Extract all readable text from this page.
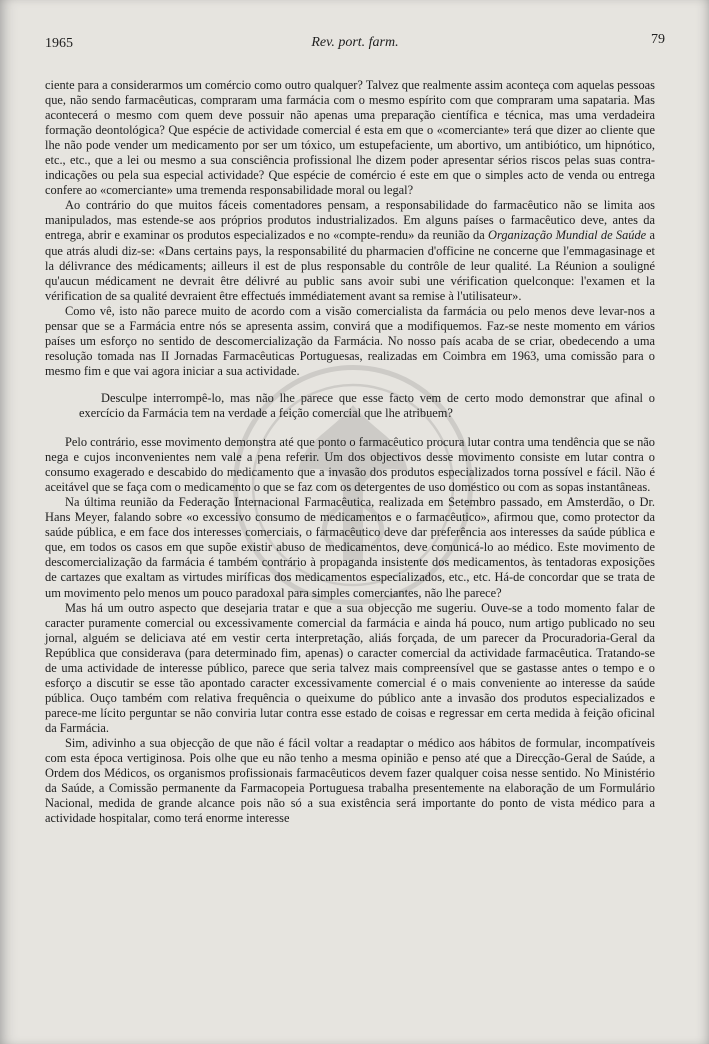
1965	Rev. port. farm.	79

ciente para a considerarmos um comércio como outro qualquer? Talvez que realmente assim aconteça com aquelas pessoas que, não sendo farmacêuticas, compraram uma farmácia com o mesmo espírito com que compraram uma sapataria. Mas acontecerá o mesmo com quem deve possuir não apenas uma preparação científica e técnica, mas uma verdadeira formação deontológica? Que espécie de actividade comercial é esta em que o «comerciante» terá que dizer ao cliente que lhe não pode vender um medicamento por ser um tóxico, um estupefaciente, um abortivo, um antibiótico, um hipnótico, etc., etc., que a lei ou mesmo a sua consciência profissional lhe dizem poder apresentar sérios riscos pelas suas contra-indicações ou pela sua especial actividade? Que espécie de comércio é este em que o simples acto de venda ou entrega confere ao «comerciante» uma tremenda responsabilidade moral ou legal?

Ao contrário do que muitos fáceis comentadores pensam, a responsabilidade do farmacêutico não se limita aos manipulados, mas estende-se aos próprios produtos industrializados. Em alguns países o farmacêutico deve, antes da entrega, abrir e examinar os produtos especializados e no «compte-rendu» da reunião da Organização Mundial de Saúde a que atrás aludi diz-se: «Dans certains pays, la responsabilité du pharmacien d'officine ne concerne que l'emmagasinage et la délivrance des médicaments; ailleurs il est de plus responsable du contrôle de leur qualité. La Réunion a souligné qu'aucun médicament ne devrait être délivré au public sans avoir subi une vérification quelconque: l'examen et la vérification de sa qualité devraient être effectués immédiatement avant sa remise à l'utilisateur».

Como vê, isto não parece muito de acordo com a visão comercialista da farmácia ou pelo menos deve levar-nos a pensar que se a Farmácia entre nós se apresenta assim, convirá que a modifiquemos. Faz-se neste momento em vários países um esforço no sentido de descomercialização da Farmácia. No nosso país acaba de se criar, obedecendo a uma resolução tomada nas II Jornadas Farmacêuticas Portuguesas, realizadas em Coimbra em 1963, uma comissão para o mesmo fim e que vai agora iniciar a sua actividade.

Desculpe interrompê-lo, mas não lhe parece que esse facto vem de certo modo demonstrar que afinal o exercício da Farmácia tem na verdade a feição comercial que lhe atribuem?

Pelo contrário, esse movimento demonstra até que ponto o farmacêutico procura lutar contra uma tendência que se não nega e cujos inconvenientes nem vale a pena referir. Um dos objectivos desse movimento consiste em lutar contra o consumo exagerado e descabido do medicamento que a invasão dos produtos especializados torna possível e fácil. Não é aceitável que se faça com o medicamento o que se faz com os detergentes de uso doméstico ou com as sopas instantâneas.

Na última reunião da Federação Internacional Farmacêutica, realizada em Setembro passado, em Amsterdão, o Dr. Hans Meyer, falando sobre «o excessivo consumo de medicamentos e o farmacêutico», afirmou que, como protector da saúde pública, e em face dos interesses comerciais, o farmacêutico deve dar preferência aos interesses da saúde pública e que, em todos os casos em que supõe existir abuso de medicamentos, deve comunicá-lo ao médico. Este movimento de descomercialização da farmácia é também contrário à propaganda insistente dos medicamentos, às tentadoras exposições de cartazes que exaltam as virtudes miríficas dos medicamentos especializados, etc., etc. Há-de concordar que se trata de um movimento pelo menos um pouco paradoxal para simples comerciantes, não lhe parece?

Mas há um outro aspecto que desejaria tratar e que a sua objecção me sugeriu. Ouve-se a todo momento falar de caracter puramente comercial ou excessivamente comercial da farmácia e ainda há pouco, num artigo publicado no seu jornal, alguém se deliciava até em vestir certa interpretação, aliás forçada, de um parecer da Procuradoria-Geral da República que considerava (para determinado fim, apenas) o caracter comercial da actividade farmacêutica. Tratando-se de uma actividade de interesse público, parece que seria talvez mais compreensível que se gastasse antes o tempo e o esforço a discutir se esse tão apontado caracter excessivamente comercial é o mais conveniente ao interesse da saúde pública. Ouço também com relativa frequência o queixume do público ante a invasão dos produtos especializados e parece-me lícito perguntar se não conviria lutar contra esse estado de coisas e regressar em certa medida à feição oficinal da Farmácia.

Sim, adivinho a sua objecção de que não é fácil voltar a readaptar o médico aos hábitos de formular, incompatíveis com esta época vertiginosa. Pois olhe que eu não tenho a mesma opinião e penso até que a Direcção-Geral de Saúde, a Ordem dos Médicos, os organismos profissionais farmacêuticos devem fazer qualquer coisa nesse sentido. No Ministério da Saúde, a Comissão permanente da Farmacopeia Portuguesa trabalha presentemente na elaboração de um Formulário Nacional, medida de grande alcance pois não só a sua existência será importante do ponto de vista médico para a actividade hospitalar, como terá enorme interesse
